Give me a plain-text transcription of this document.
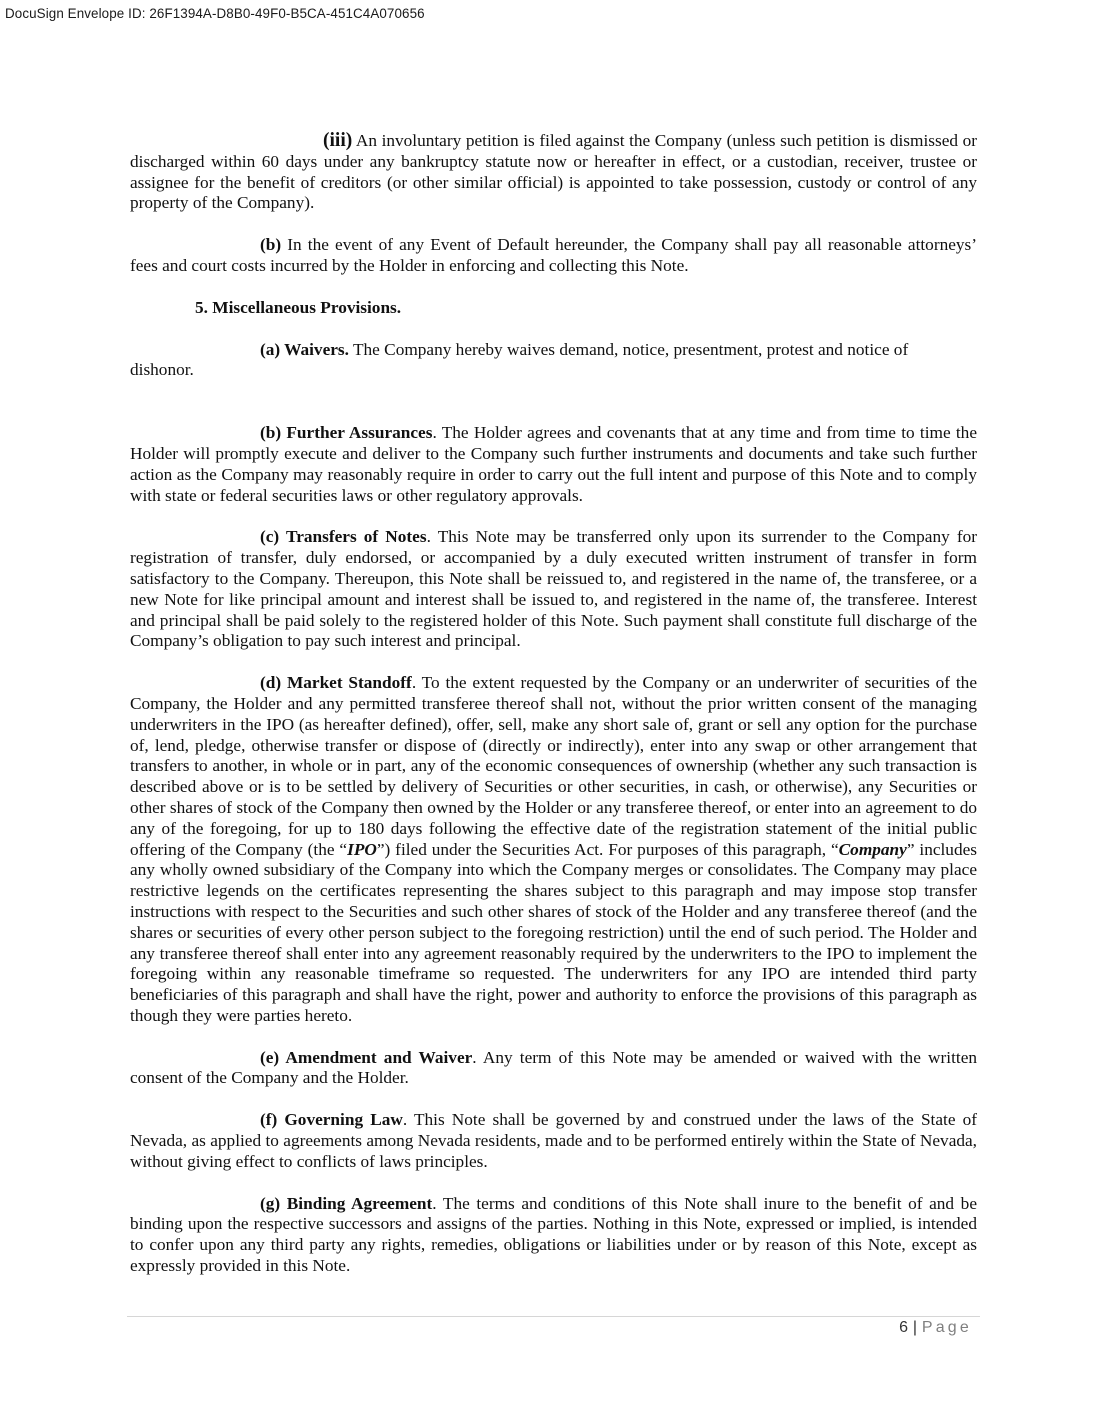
DocuSign Envelope ID: 26F1394A-D8B0-49F0-B5CA-451C4A070656

(iii) An involuntary petition is filed against the Company (unless such petition is dismissed or discharged within 60 days under any bankruptcy statute now or hereafter in effect, or a custodian, receiver, trustee or assignee for the benefit of creditors (or other similar official) is appointed to take possession, custody or control of any property of the Company).

(b) In the event of any Event of Default hereunder, the Company shall pay all reasonable attorneys’ fees and court costs incurred by the Holder in enforcing and collecting this Note.

5. Miscellaneous Provisions.

(a) Waivers. The Company hereby waives demand, notice, presentment, protest and notice of

dishonor.

(b) Further Assurances. The Holder agrees and covenants that at any time and from time to time the Holder will promptly execute and deliver to the Company such further instruments and documents and take such further action as the Company may reasonably require in order to carry out the full intent and purpose of this Note and to comply with state or federal securities laws or other regulatory approvals.

(c) Transfers of Notes. This Note may be transferred only upon its surrender to the Company for registration of transfer, duly endorsed, or accompanied by a duly executed written instrument of transfer in form satisfactory to the Company. Thereupon, this Note shall be reissued to, and registered in the name of, the transferee, or a new Note for like principal amount and interest shall be issued to, and registered in the name of, the transferee. Interest and principal shall be paid solely to the registered holder of this Note. Such payment shall constitute full discharge of the Company’s obligation to pay such interest and principal.

(d) Market Standoff. To the extent requested by the Company or an underwriter of securities of the Company, the Holder and any permitted transferee thereof shall not, without the prior written consent of the managing underwriters in the IPO (as hereafter defined), offer, sell, make any short sale of, grant or sell any option for the purchase of, lend, pledge, otherwise transfer or dispose of (directly or indirectly), enter into any swap or other arrangement that transfers to another, in whole or in part, any of the economic consequences of ownership (whether any such transaction is described above or is to be settled by delivery of Securities or other securities, in cash, or otherwise), any Securities or other shares of stock of the Company then owned by the Holder or any transferee thereof, or enter into an agreement to do any of the foregoing, for up to 180 days following the effective date of the registration statement of the initial public offering of the Company (the “IPO”) filed under the Securities Act. For purposes of this paragraph, “Company” includes any wholly owned subsidiary of the Company into which the Company merges or consolidates. The Company may place restrictive legends on the certificates representing the shares subject to this paragraph and may impose stop transfer instructions with respect to the Securities and such other shares of stock of the Holder and any transferee thereof (and the shares or securities of every other person subject to the foregoing restriction) until the end of such period. The Holder and any transferee thereof shall enter into any agreement reasonably required by the underwriters to the IPO to implement the foregoing within any reasonable timeframe so requested. The underwriters for any IPO are intended third party beneficiaries of this paragraph and shall have the right, power and authority to enforce the provisions of this paragraph as though they were parties hereto.

(e) Amendment and Waiver. Any term of this Note may be amended or waived with the written consent of the Company and the Holder.

(f) Governing Law. This Note shall be governed by and construed under the laws of the State of Nevada, as applied to agreements among Nevada residents, made and to be performed entirely within the State of Nevada, without giving effect to conflicts of laws principles.

(g) Binding Agreement. The terms and conditions of this Note shall inure to the benefit of and be binding upon the respective successors and assigns of the parties. Nothing in this Note, expressed or implied, is intended to confer upon any third party any rights, remedies, obligations or liabilities under or by reason of this Note, except as expressly provided in this Note.

6 | Page
